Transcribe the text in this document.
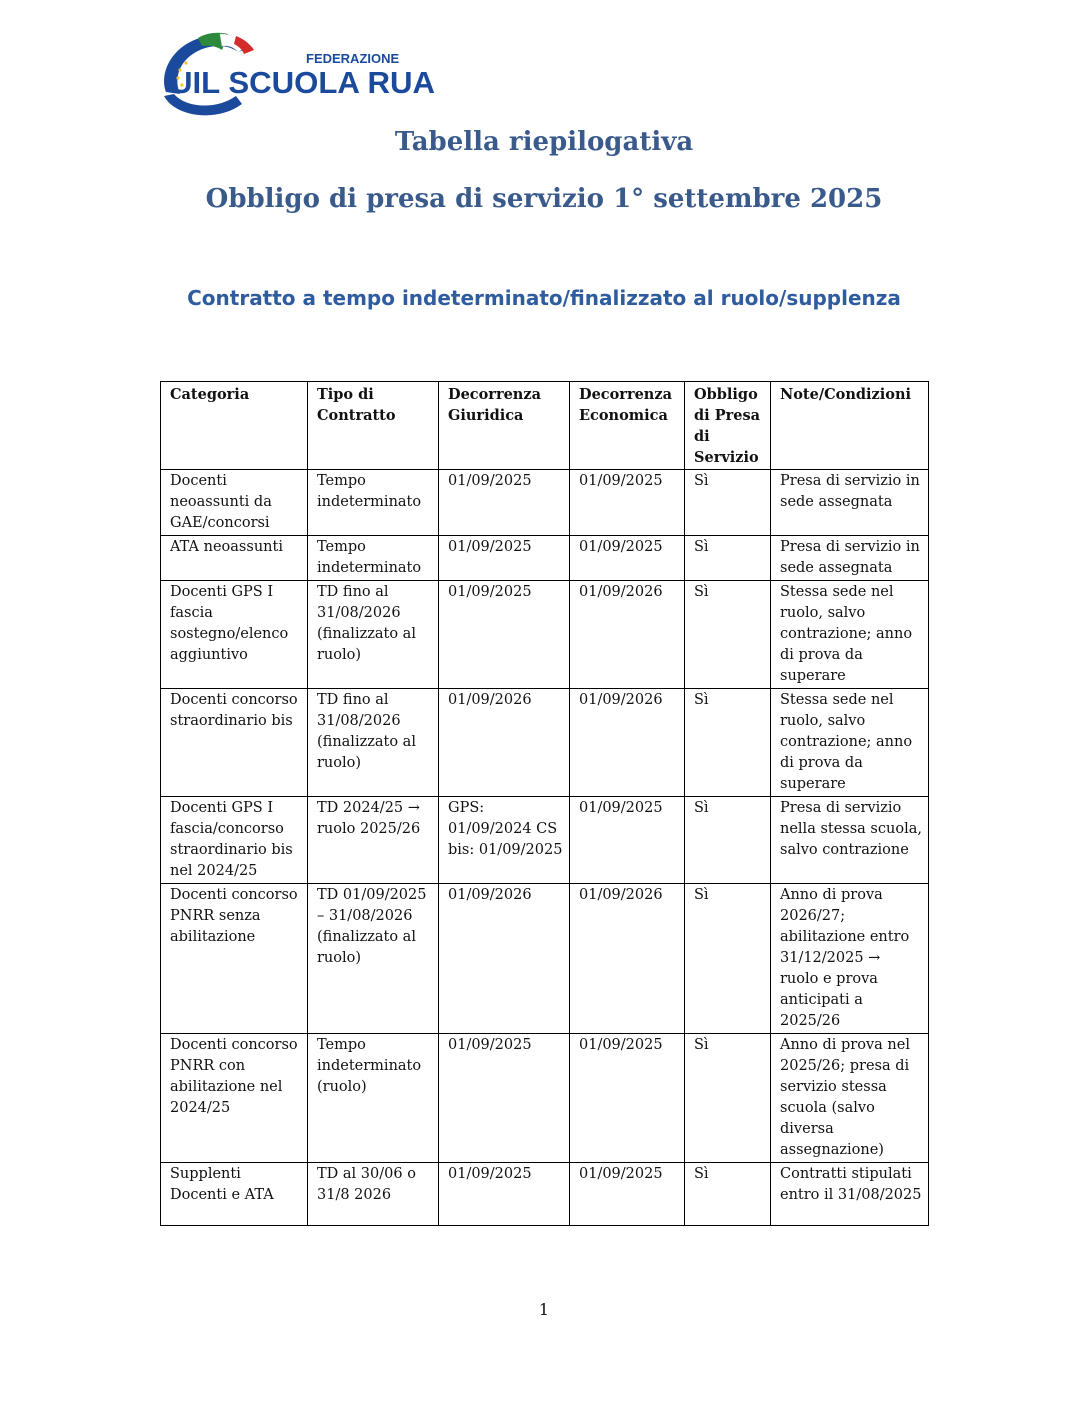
FEDERAZIONE
UIL SCUOLA RUA
Tabella riepilogativa
Obbligo di presa di servizio 1° settembre 2025
Contratto a tempo indeterminato/finalizzato al ruolo/supplenza
Categoria	Tipo di Contratto	Decorrenza Giuridica	Decorrenza Economica	Obbligo di Presa di Servizio	Note/Condizioni
Docenti neoassunti da GAE/concorsi	Tempo indeterminato	01/09/2025	01/09/2025	Sì	Presa di servizio in sede assegnata
ATA neoassunti	Tempo indeterminato	01/09/2025	01/09/2025	Sì	Presa di servizio in sede assegnata
Docenti GPS I fascia sostegno/elenco aggiuntivo	TD fino al 31/08/2026 (finalizzato al ruolo)	01/09/2025	01/09/2026	Sì	Stessa sede nel ruolo, salvo contrazione; anno di prova da superare
Docenti concorso straordinario bis	TD fino al 31/08/2026 (finalizzato al ruolo)	01/09/2026	01/09/2026	Sì	Stessa sede nel ruolo, salvo contrazione; anno di prova da superare
Docenti GPS I fascia/concorso straordinario bis nel 2024/25	TD 2024/25 → ruolo 2025/26	GPS: 01/09/2024 CS bis: 01/09/2025	01/09/2025	Sì	Presa di servizio nella stessa scuola, salvo contrazione
Docenti concorso PNRR senza abilitazione	TD 01/09/2025 – 31/08/2026 (finalizzato al ruolo)	01/09/2026	01/09/2026	Sì	Anno di prova 2026/27; abilitazione entro 31/12/2025 → ruolo e prova anticipati a 2025/26
Docenti concorso PNRR con abilitazione nel 2024/25	Tempo indeterminato (ruolo)	01/09/2025	01/09/2025	Sì	Anno di prova nel 2025/26; presa di servizio stessa scuola (salvo diversa assegnazione)
Supplenti Docenti e ATA	TD al 30/06 o 31/8 2026	01/09/2025	01/09/2025	Sì	Contratti stipulati entro il 31/08/2025
1
